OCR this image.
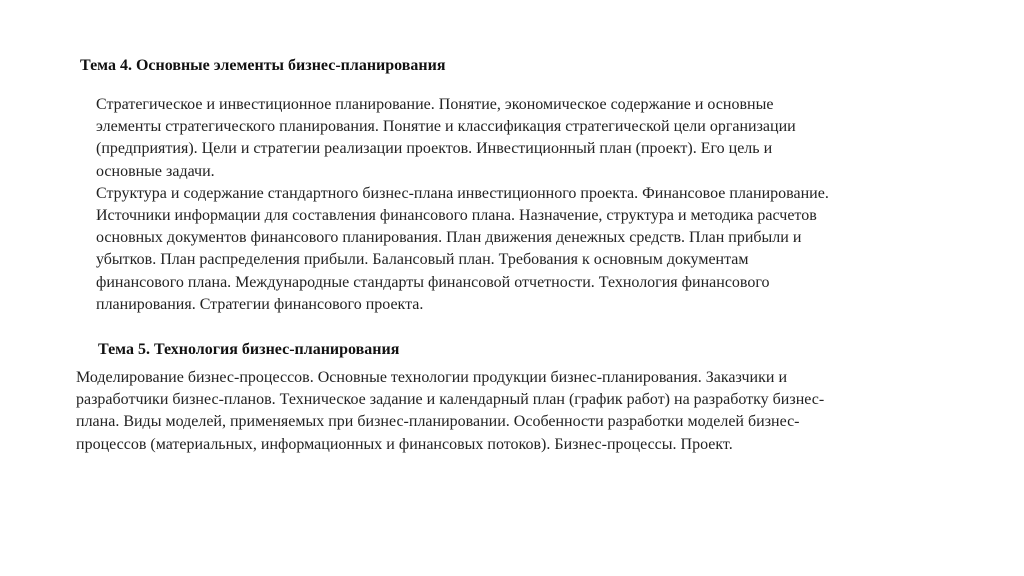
Тема 4. Основные элементы бизнес-планирования
Стратегическое и инвестиционное планирование. Понятие, экономическое содержание и основные
элементы стратегического планирования. Понятие и классификация стратегической цели организации
(предприятия). Цели и стратегии реализации проектов. Инвестиционный план (проект). Его цель и
основные задачи.
Структура и содержание стандартного бизнес-плана инвестиционного проекта. Финансовое планирование.
Источники информации для составления финансового плана. Назначение, структура и методика расчетов
основных документов финансового планирования. План движения денежных средств. План прибыли и
убытков. План распределения прибыли. Балансовый план. Требования к основным документам
финансового плана. Международные стандарты финансовой отчетности. Технология финансового
планирования. Стратегии финансового проекта.
Тема 5. Технология бизнес-планирования
Моделирование бизнес-процессов. Основные технологии продукции бизнес-планирования. Заказчики и
разработчики бизнес-планов. Техническое задание и календарный план (график работ) на разработку бизнес-
плана. Виды моделей, применяемых при бизнес-планировании. Особенности разработки моделей бизнес-
процессов (материальных, информационных и финансовых потоков). Бизнес-процессы. Проект.
